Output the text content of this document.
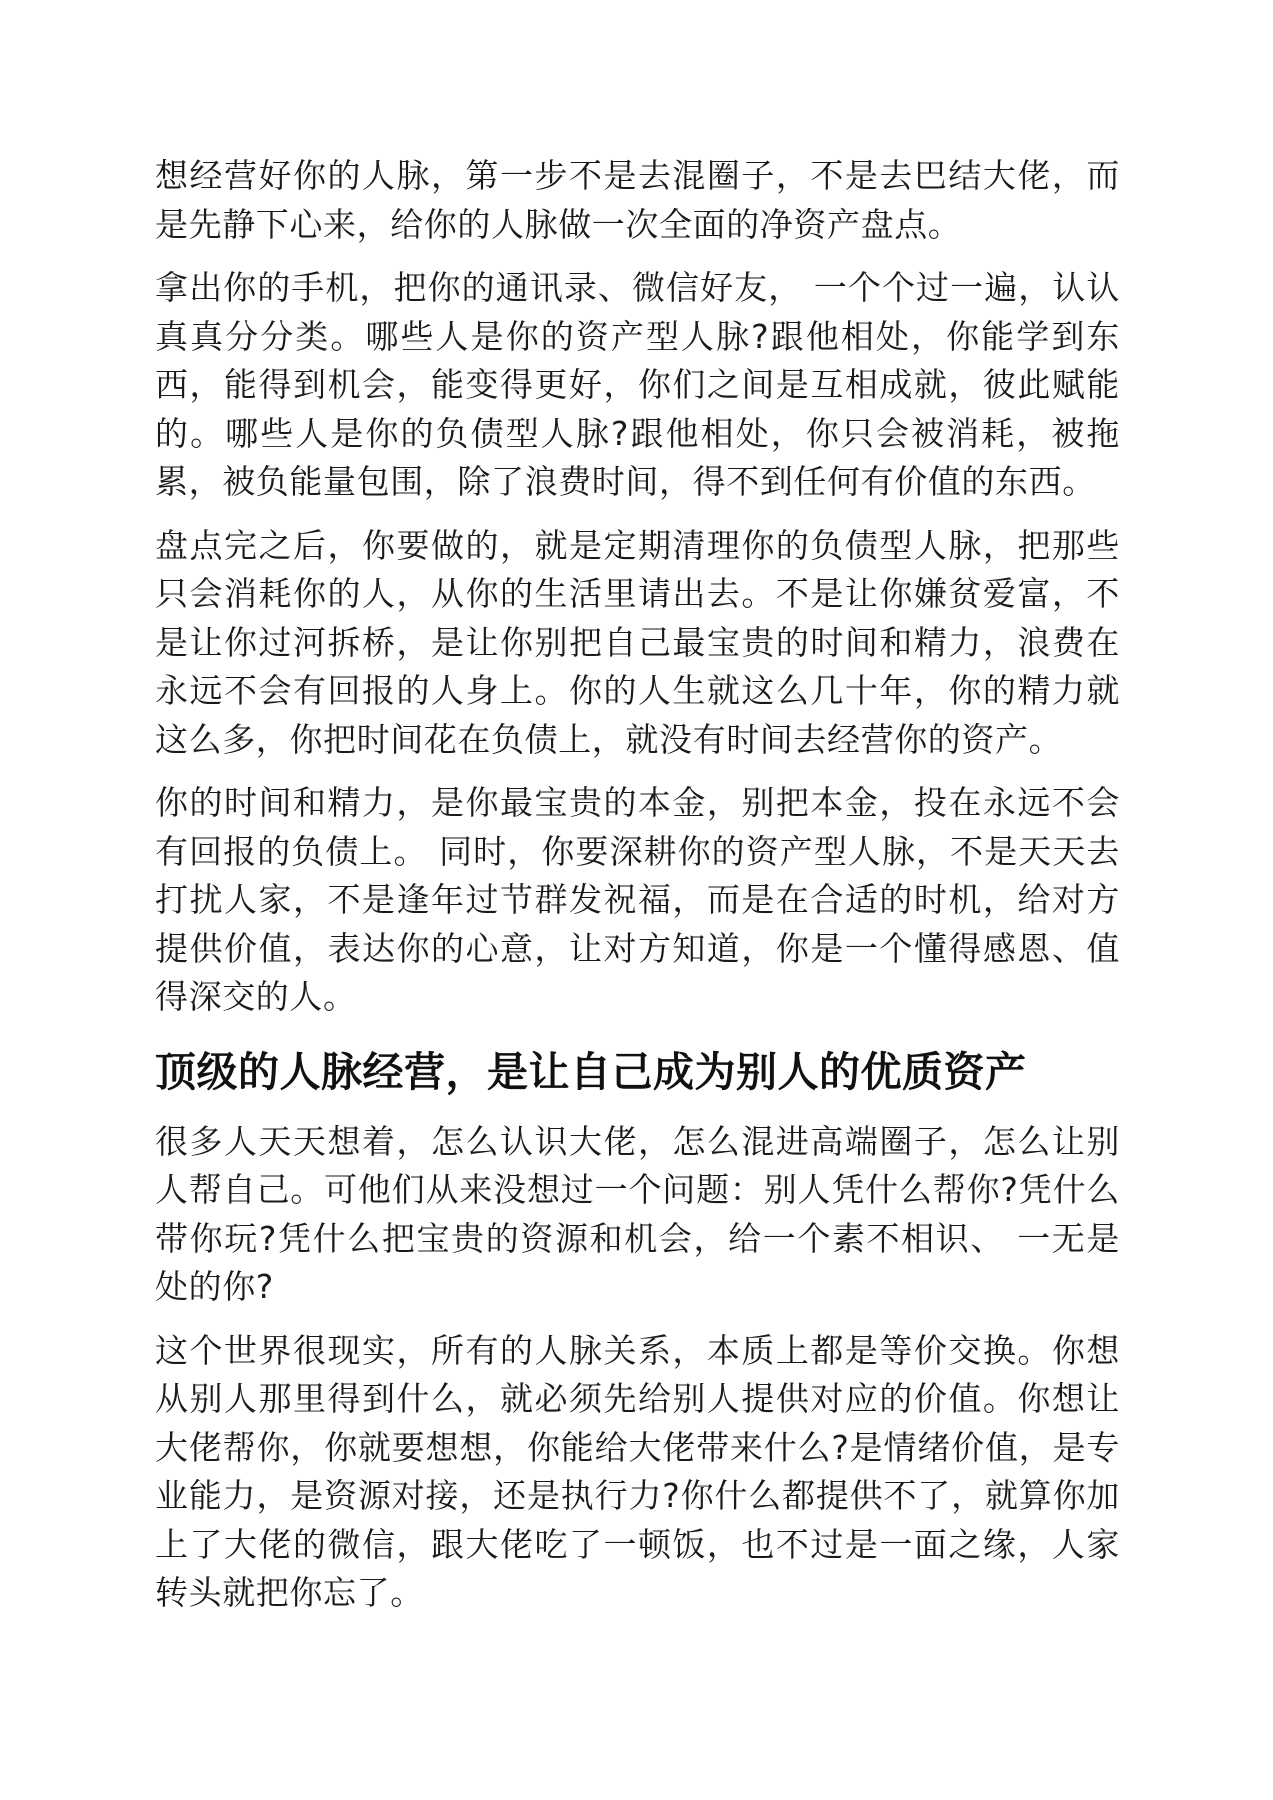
想经营好你的人脉，第一步不是去混圈子，不是去巴结大佬，而是先静下心来，给你的人脉做一次全面的净资产盘点。

拿出你的手机，把你的通讯录、微信好友， 一个个过一遍，认认真真分分类。哪些人是你的资产型人脉?跟他相处，你能学到东西，能得到机会，能变得更好，你们之间是互相成就，彼此赋能的。哪些人是你的负债型人脉?跟他相处，你只会被消耗，被拖累，被负能量包围，除了浪费时间，得不到任何有价值的东西。

盘点完之后，你要做的，就是定期清理你的负债型人脉，把那些只会消耗你的人，从你的生活里请出去。不是让你嫌贫爱富，不是让你过河拆桥，是让你别把自己最宝贵的时间和精力，浪费在永远不会有回报的人身上。你的人生就这么几十年，你的精力就这么多，你把时间花在负债上，就没有时间去经营你的资产。

你的时间和精力，是你最宝贵的本金，别把本金，投在永远不会有回报的负债上。 同时，你要深耕你的资产型人脉，不是天天去打扰人家，不是逢年过节群发祝福，而是在合适的时机，给对方提供价值，表达你的心意，让对方知道，你是一个懂得感恩、值得深交的人。

顶级的人脉经营，是让自己成为别人的优质资产

很多人天天想着，怎么认识大佬，怎么混进高端圈子，怎么让别人帮自己。可他们从来没想过一个问题：别人凭什么帮你?凭什么带你玩?凭什么把宝贵的资源和机会，给一个素不相识、 一无是处的你?

这个世界很现实，所有的人脉关系，本质上都是等价交换。你想从别人那里得到什么，就必须先给别人提供对应的价值。你想让大佬帮你，你就要想想，你能给大佬带来什么?是情绪价值，是专业能力，是资源对接，还是执行力?你什么都提供不了，就算你加上了大佬的微信，跟大佬吃了一顿饭，也不过是一面之缘，人家转头就把你忘了。
